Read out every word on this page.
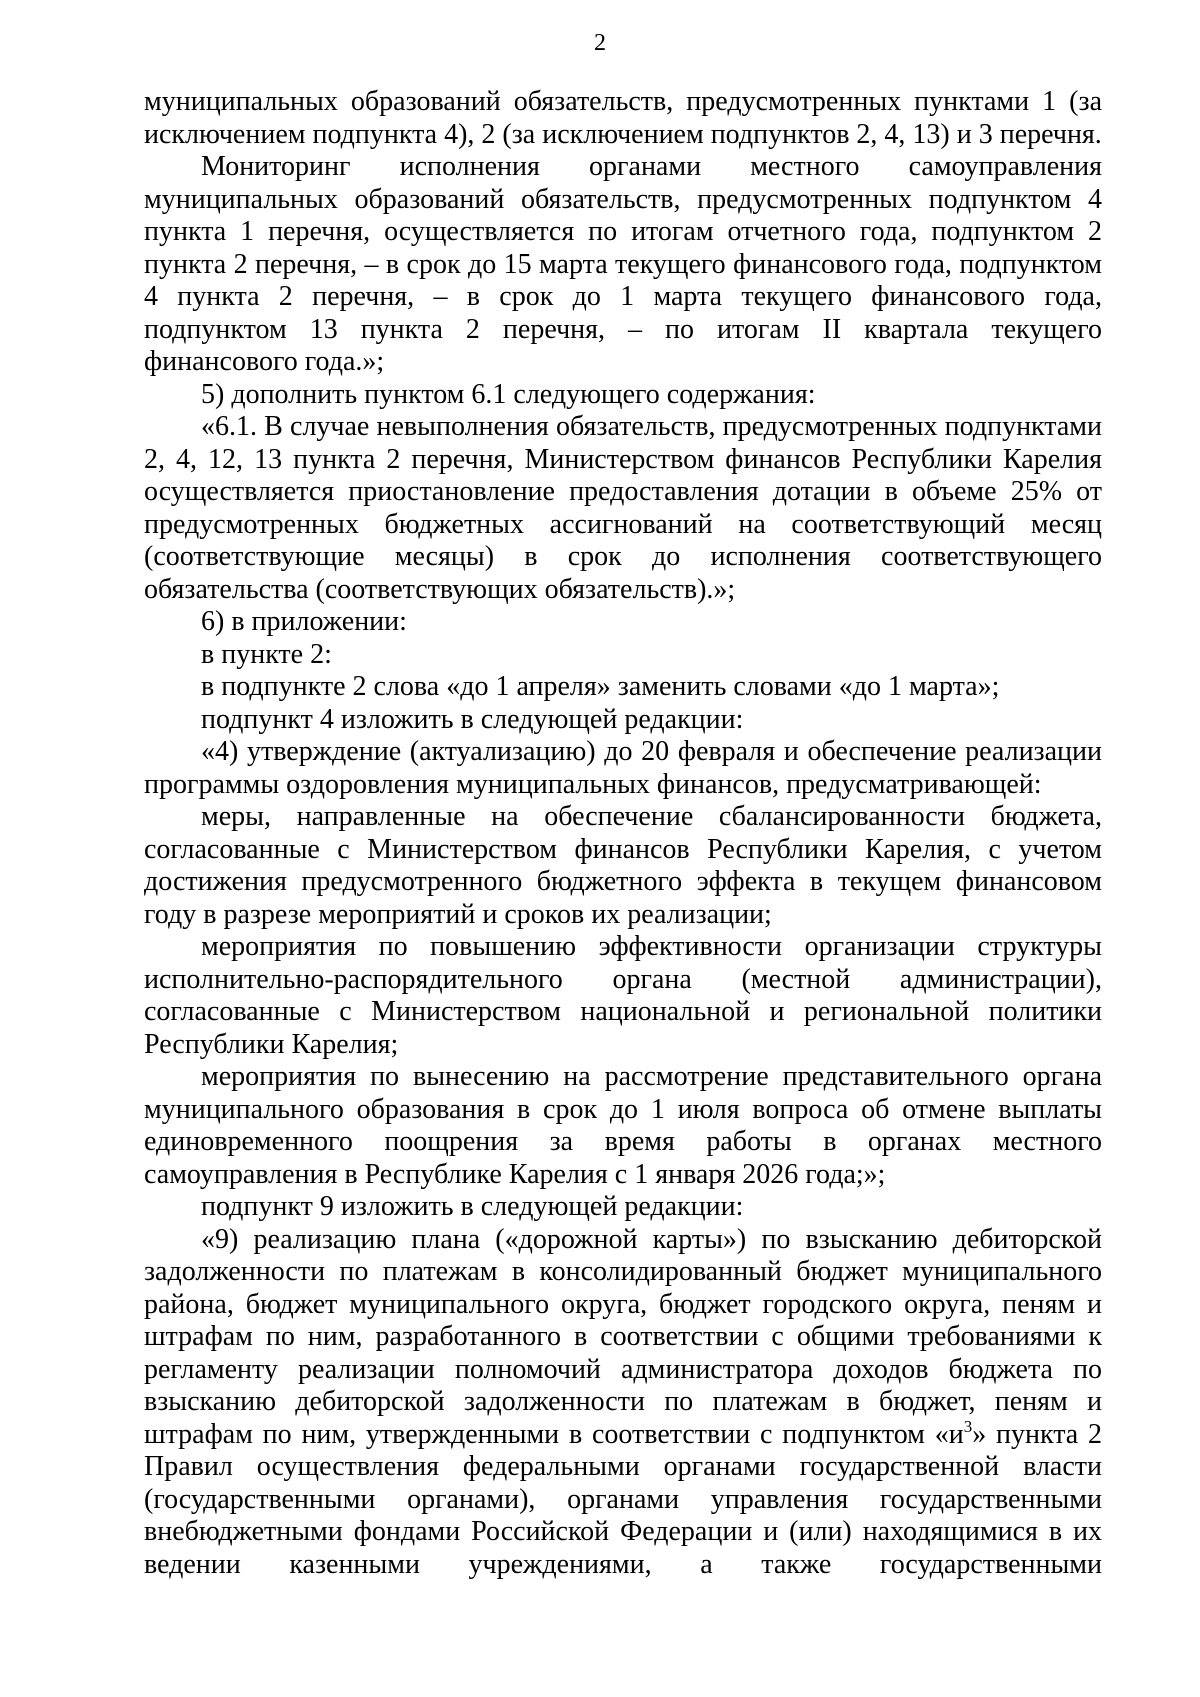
2

муниципальных образований обязательств, предусмотренных пунктами 1 (за исключением подпункта 4), 2 (за исключением подпунктов 2, 4, 13) и 3 перечня.

Мониторинг исполнения органами местного самоуправления муниципальных образований обязательств, предусмотренных подпунктом 4 пункта 1 перечня, осуществляется по итогам отчетного года, подпунктом 2 пункта 2 перечня, – в срок до 15 марта текущего финансового года, подпунктом 4 пункта 2 перечня, – в срок до 1 марта текущего финансового года, подпунктом 13 пункта 2 перечня, – по итогам II квартала текущего финансового года.»;

5) дополнить пунктом 6.1 следующего содержания:

«6.1. В случае невыполнения обязательств, предусмотренных подпунктами 2, 4, 12, 13 пункта 2 перечня, Министерством финансов Республики Карелия осуществляется приостановление предоставления дотации в объеме 25% от предусмотренных бюджетных ассигнований на соответствующий месяц (соответствующие месяцы) в срок до исполнения соответствующего обязательства (соответствующих обязательств).»;

6) в приложении:

в пункте 2:

в подпункте 2 слова «до 1 апреля» заменить словами «до 1 марта»;

подпункт 4 изложить в следующей редакции:

«4) утверждение (актуализацию) до 20 февраля и обеспечение реализации программы оздоровления муниципальных финансов, предусматривающей:

меры, направленные на обеспечение сбалансированности бюджета, согласованные с Министерством финансов Республики Карелия, с учетом достижения предусмотренного бюджетного эффекта в текущем финансовом году в разрезе мероприятий и сроков их реализации;

мероприятия по повышению эффективности организации структуры исполнительно-распорядительного органа (местной администрации), согласованные с Министерством национальной и региональной политики Республики Карелия;

мероприятия по вынесению на рассмотрение представительного органа муниципального образования в срок до 1 июля вопроса об отмене выплаты единовременного поощрения за время работы в органах местного самоуправления в Республике Карелия с 1 января 2026 года;»;

подпункт 9 изложить в следующей редакции:

«9) реализацию плана («дорожной карты») по взысканию дебиторской задолженности по платежам в консолидированный бюджет муниципального района, бюджет муниципального округа, бюджет городского округа, пеням и штрафам по ним, разработанного в соответствии с общими требованиями к регламенту реализации полномочий администратора доходов бюджета по взысканию дебиторской задолженности по платежам в бюджет, пеням и штрафам по ним, утвержденными в соответствии с подпунктом «$и^3$» пункта 2 Правил осуществления федеральными органами государственной власти (государственными органами), органами управления государственными внебюджетными фондами Российской Федерации и (или) находящимися в их ведении казенными учреждениями, а также государственными
